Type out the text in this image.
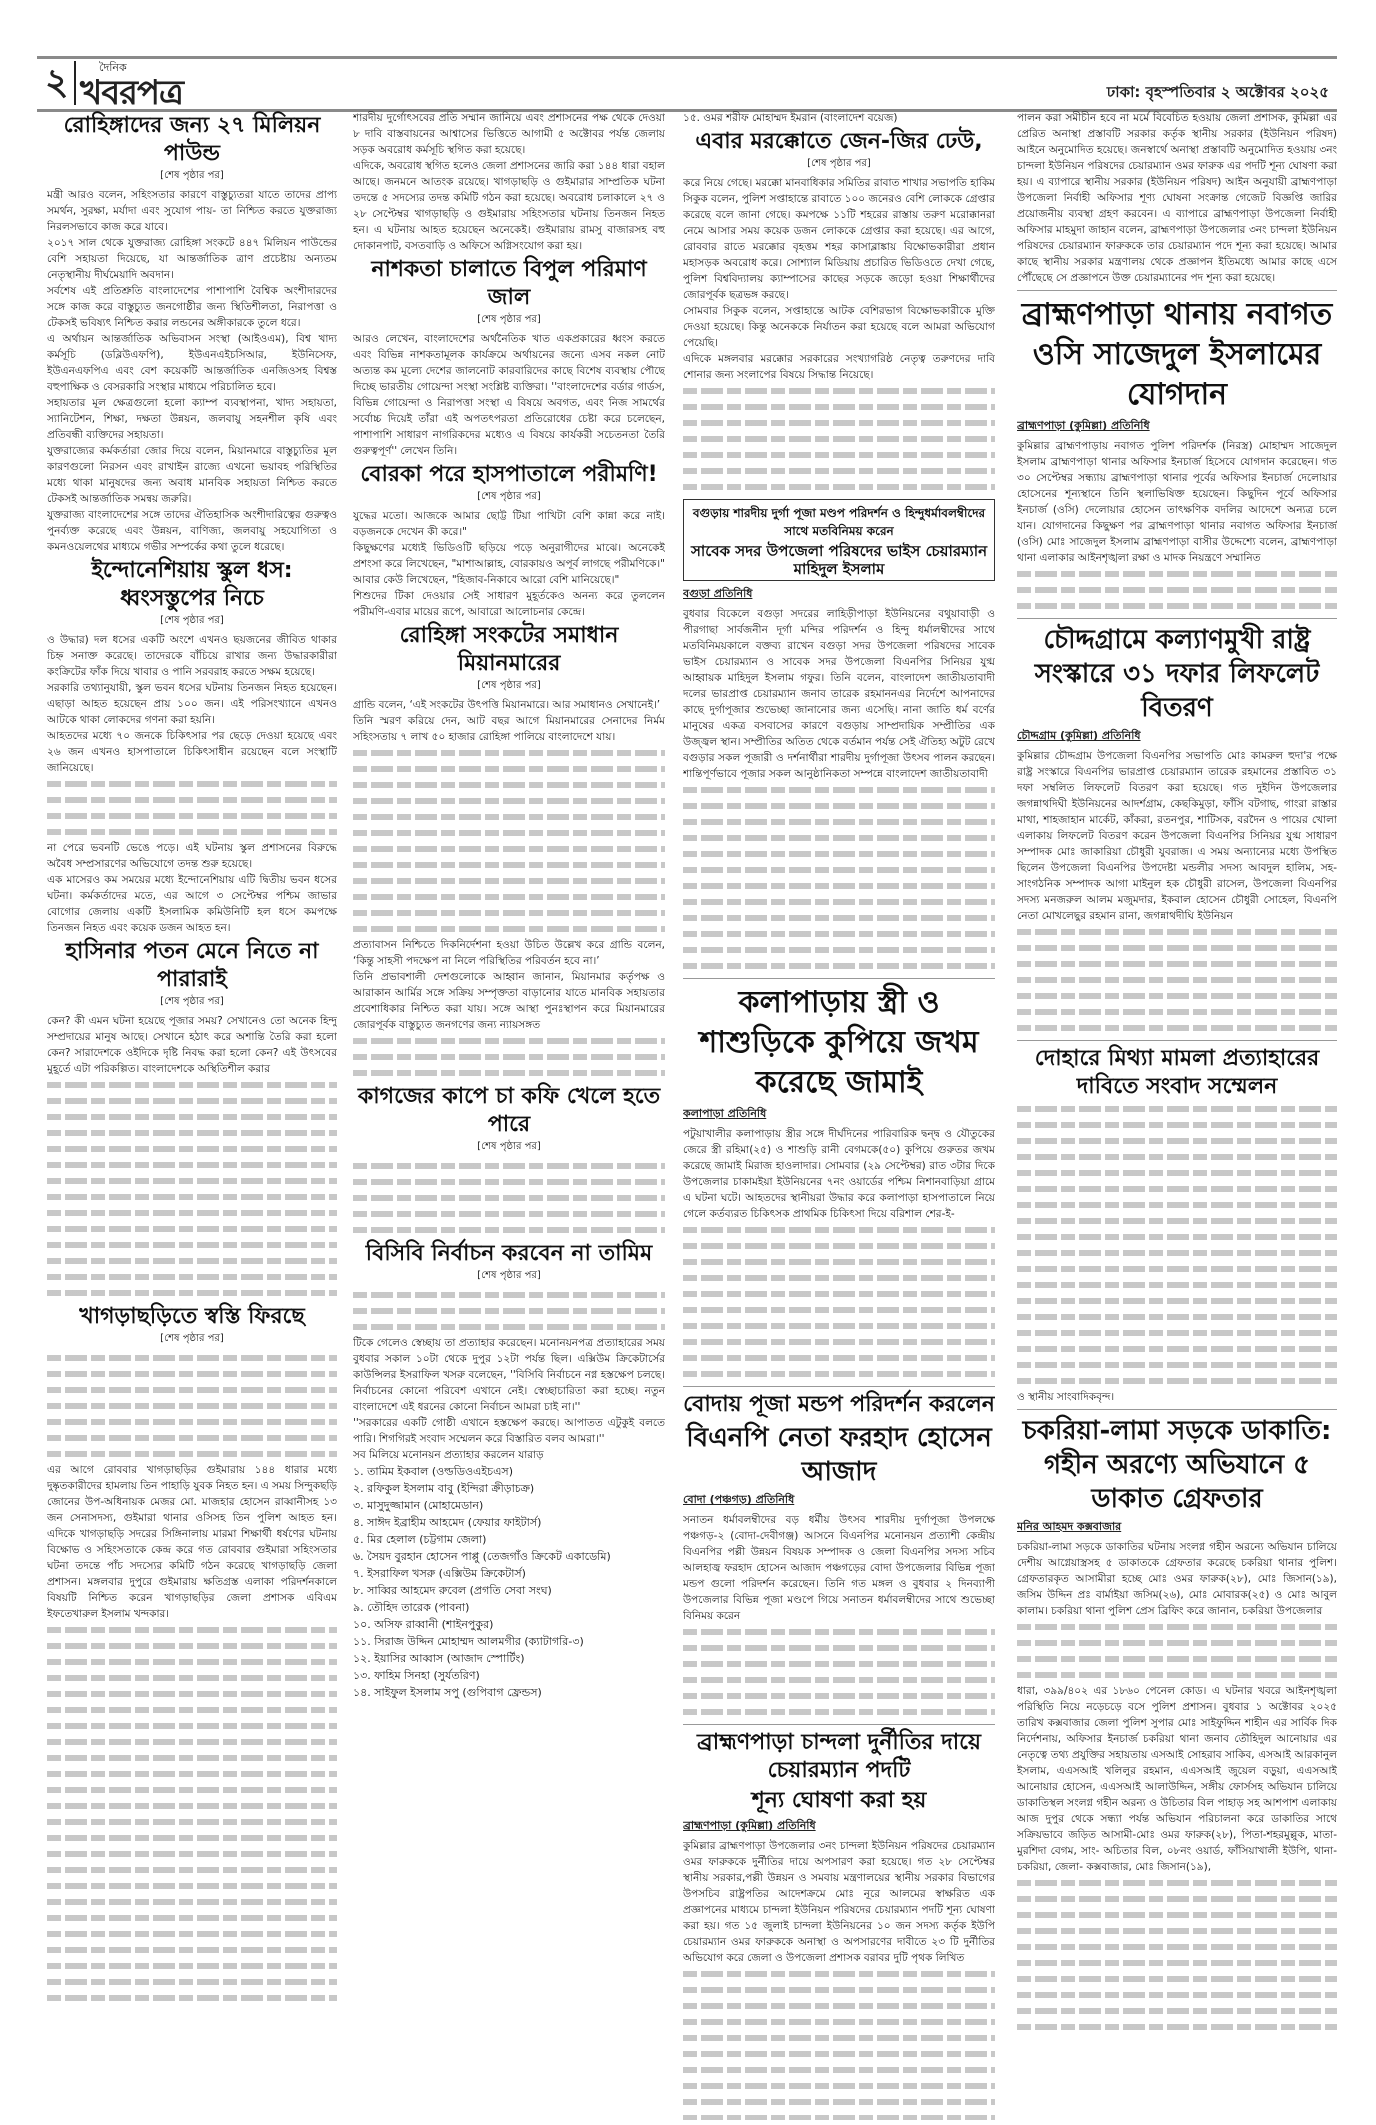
২	দৈনিক
খবরপত্র	ঢাকা: বৃহস্পতিবার ২ অক্টোবর ২০২৫
রোহিঙ্গাদের জন্য ২৭ মিলিয়ন পাউন্ড
[শেষ পৃষ্ঠার পর]

মন্ত্রী আরও বলেন, সহিংসতার কারণে বাস্তুচ্যুতরা যাতে তাদের প্রাপ্য সমর্থন, সুরক্ষা, মর্যাদা এবং সুযোগ পায়- তা নিশ্চিত করতে যুক্তরাজ্য নিরলসভাবে কাজ করে যাবে।

২০১৭ সাল থেকে যুক্তরাজ্য রোহিঙ্গা সংকটে ৪৪৭ মিলিয়ন পাউন্ডের বেশি সহায়তা দিয়েছে, যা আন্তর্জাতিক ত্রাণ প্রচেষ্টায় অন্যতম নেতৃস্থানীয় দীর্ঘমেয়াদি অবদান।

সর্বশেষ এই প্রতিশ্রুতি বাংলাদেশের পাশাপাশি বৈশ্বিক অংশীদারদের সঙ্গে কাজ করে বাস্তুচ্যুত জনগোষ্ঠীর জন্য স্থিতিশীলতা, নিরাপত্তা ও টেকসই ভবিষ্যৎ নিশ্চিত করার লন্ডনের অঙ্গীকারকে তুলে ধরে।

এ অর্থায়ন আন্তর্জাতিক অভিবাসন সংস্থা (আইওএম), বিশ্ব খাদ্য কর্মসূচি (ডব্লিউএফপি), ইউএনএইচসিআর, ইউনিসেফ, ইউএনএফপিএ এবং বেশ কয়েকটি আন্তর্জাতিক এনজিওসহ বিশ্বস্ত বহুপাক্ষিক ও বেসরকারি সংস্থার মাধ্যমে পরিচালিত হবে।

সহায়তার মূল ক্ষেত্রগুলো হলো ক্যাম্প ব্যবস্থাপনা, খাদ্য সহায়তা, স্যানিটেশন, শিক্ষা, দক্ষতা উন্নয়ন, জলবায়ু সহনশীল কৃষি এবং প্রতিবন্ধী ব্যক্তিদের সহায়তা।

যুক্তরাজ্যের কর্মকর্তারা জোর দিয়ে বলেন, মিয়ানমারে বাস্তুচ্যুতির মূল কারণগুলো নিরসন এবং রাখাইন রাজ্যে এখনো ভয়াবহ পরিস্থিতির মধ্যে থাকা মানুষদের জন্য অবাধ মানবিক সহায়তা নিশ্চিত করতে টেকসই আন্তর্জাতিক সমন্বয় জরুরি।

যুক্তরাজ্য বাংলাদেশের সঙ্গে তাদের ঐতিহাসিক অংশীদারিত্বের গুরুত্বও পুনর্ব্যক্ত করেছে এবং উন্নয়ন, বাণিজ্য, জলবায়ু সহযোগিতা ও কমনওয়েলথের মাধ্যমে গভীর সম্পর্কের কথা তুলে ধরেছে।

ইন্দোনেশিয়ায় স্কুল ধস: ধ্বংসস্তুপের নিচে
[শেষ পৃষ্ঠার পর]

ও উদ্ধার) দল ধসের একটি অংশে এখনও ছয়জনের জীবিত থাকার চিহ্ন সনাক্ত করেছে। তাদেরকে বাঁচিয়ে রাখার জন্য উদ্ধারকারীরা কংক্রিটের ফাঁক দিয়ে খাবার ও পানি সরবরাহ করতে সক্ষম হয়েছে।

সরকারি তথ্যানুযায়ী, স্কুল ভবন ধসের ঘটনায় তিনজন নিহত হয়েছেন। এছাড়া আহত হয়েছেন প্রায় ১০০ জন। এই পরিসংখ্যানে এখনও আটকে থাকা লোকদের গণনা করা হয়নি।

আহতদের মধ্যে ৭০ জনকে চিকিৎসার পর ছেড়ে দেওয়া হয়েছে এবং ২৬ জন এখনও হাসপাতালে চিকিৎসাধীন রয়েছেন বলে সংস্থাটি জানিয়েছে।

না পেরে ভবনটি ভেঙে পড়ে। এই ঘটনায় স্কুল প্রশাসনের বিরুদ্ধে অবৈধ সম্প্রসারণের অভিযোগে তদন্ত শুরু হয়েছে।

এক মাসেরও কম সময়ের মধ্যে ইন্দোনেশিয়ায় এটি দ্বিতীয় ভবন ধসের ঘটনা। কর্মকর্তাদের মতে, এর আগে ৩ সেপ্টেম্বর পশ্চিম জাভার বোগোর জেলায় একটি ইসলামিক কমিউনিটি হল ধসে কমপক্ষে তিনজন নিহত এবং কয়েক ডজন আহত হন।

হাসিনার পতন মেনে নিতে না পারারাই
[শেষ পৃষ্ঠার পর]

কেন? কী এমন ঘটনা হয়েছে পূজার সময়? সেখানেও তো অনেক হিন্দু সম্প্রদায়ের মানুষ আছে। সেখানে হঠাৎ করে অশান্তি তৈরি করা হলো কেন? সারাদেশকে ওইদিকে দৃষ্টি নিবদ্ধ করা হলো কেন? এই উৎসবের মুহূর্তে এটা পরিকল্পিত। বাংলাদেশকে অস্থিতিশীল করার

খাগড়াছড়িতে স্বস্তি ফিরছে
[শেষ পৃষ্ঠার পর]

এর আগে রোববার খাগড়াছড়ির গুইমারায় ১৪৪ ধারার মধ্যে দুষ্কৃতকারীদের হামলায় তিন পাহাড়ি যুবক নিহত হন। এ সময় সিন্দুকছড়ি জোনের উপ-অধিনায়ক মেজর মো. মাজহার হোসেন রাব্বানীসহ ১৩ জন সেনাসদস্য, গুইমারা থানার ওসিসহ তিন পুলিশ আহত হন। এদিকে খাগড়াছড়ি সদরের সিঙ্গিনালায় মারমা শিক্ষার্থী ধর্ষণের ঘটনায় বিক্ষোভ ও সহিংসতাকে কেন্দ্র করে গত রোববার গুইমারা সহিংসতার ঘটনা তদন্তে পাঁচ সদস্যের কমিটি গঠন করেছে খাগড়াছড়ি জেলা প্রশাসন। মঙ্গলবার দুপুরে গুইমারায় ক্ষতিগ্রস্ত এলাকা পরিদর্শনকালে বিষয়টি নিশ্চিত করেন খাগড়াছড়ির জেলা প্রশাসক এবিএম ইফতেখারুল ইসলাম খন্দকার।

শারদীয় দুর্গোৎসবের প্রতি সম্মান জানিয়ে এবং প্রশাসনের পক্ষ থেকে দেওয়া ৮ দাবি বাস্তবায়নের আশ্বাসের ভিত্তিতে আগামী ৫ অক্টোবর পর্যন্ত জেলায় সড়ক অবরোধ কর্মসূচি স্থগিত করা হয়েছে।

এদিকে, অবরোধ স্থগিত হলেও জেলা প্রশাসনের জারি করা ১৪৪ ধারা বহাল আছে। জনমনে আতংক রয়েছে। খাগড়াছড়ি ও গুইমারার সাম্প্রতিক ঘটনা তদন্তে ৫ সদস্যের তদন্ত কমিটি গঠন করা হয়েছে। অবরোধ চলাকালে ২৭ ও ২৮ সেপ্টেম্বর খাগড়াছড়ি ও গুইমারায় সহিংসতার ঘটনায় তিনজন নিহত হন। এ ঘটনায় আহত হয়েছেন অনেকেই। গুইমারায় রামসু বাজারসহ বহু দোকানপাট, বসতবাড়ি ও অফিসে অগ্নিসংযোগ করা হয়।

নাশকতা চালাতে বিপুল পরিমাণ জাল
[শেষ পৃষ্ঠার পর]

আরও লেখেন, বাংলাদেশের অর্থনৈতিক খাত একপ্রকারের ধ্বংস করতে এবং বিভিন্ন নাশকতামূলক কার্যক্রমে অর্থায়নের জন্যে এসব নকল নোট অত্যন্ত কম মূল্যে দেশের জালনোট কারবারিদের কাছে বিশেষ ব্যবস্থায় পৌছে দিচ্ছে ভারতীয় গোয়েন্দা সংস্থা সংশ্লিষ্ট ব্যক্তিরা। ''বাংলাদেশের বর্ডার গার্ডস, বিভিন্ন গোয়েন্দা ও নিরাপত্তা সংস্থা এ বিষয়ে অবগত, এবং নিজ সামর্থের সর্বোচ্চ দিয়েই তাঁরা এই অপতৎপরতা প্রতিরোধের চেষ্টা করে চলেছেন, পাশাপাশি সাধারণ নাগরিকদের মধ্যেও এ বিষয়ে কার্যকরী সচেতনতা তৈরি গুরুত্বপূর্ণ'' লেখেন তিনি।

বোরকা পরে হাসপাতালে পরীমণি!
[শেষ পৃষ্ঠার পর]

যুদ্ধের মতো। আজকে আমার ছোট্ট টিয়া পাখিটা বেশি কান্না করে নাই। বড়জনকে দেখেন কী করে।"

কিছুক্ষণের মধ্যেই ভিডিওটি ছড়িয়ে পড়ে অনুরাগীদের মাঝে। অনেকেই প্রশংসা করে লিখেছেন, "মাশাআল্লাহ, বোরকায়ও অপূর্ব লাগছে পরীমণিকে।" আবার কেউ লিখেছেন, "হিজাব-নিকাবে আরো বেশি মানিয়েছে।"

শিশুদের টিকা দেওয়ার সেই সাধারণ মুহূর্তকেও অনন্য করে তুললেন পরীমণি-এবার মায়ের রূপে, আবারো আলোচনার কেন্দ্রে।

রোহিঙ্গা সংকটের সমাধান মিয়ানমারের
[শেষ পৃষ্ঠার পর]

গ্রান্ডি বলেন, ‘এই সংকটের উৎপত্তি মিয়ানমারে। আর সমাধানও সেখানেই।’

তিনি স্মরণ করিয়ে দেন, আট বছর আগে মিয়ানমারের সেনাদের নির্মম সহিংসতায় ৭ লাখ ৫০ হাজার রোহিঙ্গা পালিয়ে বাংলাদেশে যায়।

প্রত্যাবাসন নিশ্চিতে দিকনির্দেশনা হওয়া উচিত উল্লেখ করে গ্রান্ডি বলেন, ‘কিন্তু সাহসী পদক্ষেপ না নিলে পরিস্থিতির পরিবর্তন হবে না।’

তিনি প্রভাবশালী দেশগুলোকে আহ্বান জানান, মিয়ানমার কর্তৃপক্ষ ও আরাকান আর্মির সঙ্গে সক্রিয় সম্পৃক্ততা বাড়ানোর যাতে মানবিক সহায়তার প্রবেশাধিকার নিশ্চিত করা যায়। সঙ্গে আস্থা পুনঃস্থাপন করে মিয়ানমারের জোরপূর্বক বাস্তুচ্যুত জনগণের জন্য ন্যায়সঙ্গত

কাগজের কাপে চা কফি খেলে হতে পারে
[শেষ পৃষ্ঠার পর]
বিসিবি নির্বাচন করবেন না তামিম
[শেষ পৃষ্ঠার পর]

টিকে গেলেও স্বেচ্ছায় তা প্রত্যাহার করেছেন। মনোনয়নপত্র প্রত্যাহারের সময় বুধবার সকাল ১০টা থেকে দুপুর ১২টা পর্যন্ত ছিল। এক্সিউম ক্রিকেটার্সের কাউন্সিলর ইসরাফিল খসরু বলেছেন, ''বিসিবি নির্বাচনে নগ্ন হস্তক্ষেপ চলছে। নির্বাচনের কোনো পরিবেশ এখানে নেই। স্বেচ্ছাচারিতা করা হচ্ছে। নতুন বাংলাদেশে এই ধরনের কোনো নির্বাচন আমরা চাই না।''

''সরকারের একটি গোষ্ঠী এখানে হস্তক্ষেপ করছে। আপাতত এটুকুই বলতে পারি। শিগগিরই সংবাদ সম্মেলন করে বিস্তারিত বলব আমরা।''

সব মিলিয়ে মনোনয়ন প্রত্যাহার করলেন যারাড়

১. তামিম ইকবাল (ওল্ডডিওএইচএস)
২. রফিকুল ইসলাম বাবু (ইন্দিরা ক্রীড়াচক্র)
৩. মাসুদুজ্জামান (মোহামেডান)
৪. সাঈদ ইব্রাহীম আহমেদ (ফেয়ার ফাইটার্স)
৫. মির হেলাল (চট্টগাম জেলা)
৬. সৈয়দ বুরহান হোসেন পাপ্পু (তেজগাঁও ক্রিকেট একাডেমি)
৭. ইসরাফিল খসরু (এক্সিউম ক্রিকেটার্স)
৮. সাব্বির আহমেদ রুবেল (প্রগতি সেবা সংঘ)
৯. তৌহিদ তারেক (পাবনা)
১০. অসিফ রাব্বানী (শাইনপুকুর)
১১. সিরাজ উদ্দিন মোহাম্মদ আলমগীর (ক্যাটাগরি-৩)
১২. ইয়াসির আব্বাস (আজাদ স্পোর্টিং)
১৩. ফাহিম সিনহা (সুর্যতরিণ)
১৪. সাইফুল ইসলাম সপু (গুপিবাগ ফ্রেন্ডস)

১৫. ওমর শরীফ মোহাম্মদ ইমরান (বাংলাদেশ বয়েজ)

এবার মরক্কোতে জেন-জির ঢেউ,
[শেষ পৃষ্ঠার পর]

করে নিয়ে গেছে। মরক্কো মানবাধিকার সমিতির রাবাত শাখার সভাপতি হাকিম সিকুক বলেন, পুলিশ সপ্তাহান্তে রাবাতে ১০০ জনেরও বেশি লোককে গ্রেপ্তার করেছে বলে জানা গেছে। কমপক্ষে ১১টি শহরের রাস্তায় তরুণ মরোক্কানরা নেমে আসার সময় কয়েক ডজন লোককে গ্রেপ্তার করা হয়েছে। এর আগে, রোববার রাতে মরক্কোর বৃহত্তম শহর কাসাব্লাঙ্কায় বিক্ষোভকারীরা প্রধান মহাসড়ক অবরোধ করে। সোশ্যাল মিডিয়ায় প্রচারিত ভিডিওতে দেখা গেছে, পুলিশ বিশ্ববিদ্যালয় ক্যাম্পাসের কাছের সড়কে জড়ো হওয়া শিক্ষার্থীদের জোরপূর্বক ছত্রভঙ্গ করছে।

সোমবার সিকুক বলেন, সপ্তাহান্তে আটক বেশিরভাগ বিক্ষোভকারীকে মুক্তি দেওয়া হয়েছে। কিন্তু অনেককে নির্যাতন করা হয়েছে বলে আমরা অভিযোগ পেয়েছি।

এদিকে মঙ্গলবার মরক্কোর সরকারের সংখ্যাগরিষ্ঠ নেতৃত্ব তরুণদের দাবি শোনার জন্য সংলাপের বিষয়ে সিদ্ধান্ত নিয়েছে।

বগুড়ায় শারদীয় দুর্গা পূজা মণ্ডপ পরিদর্শন ও হিন্দুধর্মাবলম্বীদের সাথে মতবিনিময় করেন
সাবেক সদর উপজেলা পরিষদের ভাইস চেয়ারম্যান মাহিদুল ইসলাম
বগুড়া প্রতিনিধি

বুধবার বিকেলে বগুড়া সদরের লাহিড়ীপাড়া ইউনিয়নের বথুয়াবাড়ী ও পীরগাছা সার্বজনীন দূর্গা মন্দির পরিদর্শন ও হিন্দু ধর্মালম্বীদের সাথে মতবিনিময়কালে বক্তব্য রাখেন বগুড়া সদর উপজেলা পরিষদের সাবেক ভাইস চেয়ারম্যান ও সাবেক সদর উপজেলা বিএনপির সিনিয়র যুগ্ম আহ্বায়ক মাহিদুল ইসলাম গফুর। তিনি বলেন, বাংলাদেশ জাতীয়তাবাদী দলের ভারপ্রাপ্ত চেয়ারম্যান জনাব তারেক রহমাননএর নির্দেশে আপনাদের কাছে দুর্গাপূজার শুভেচ্ছা জানানোর জন্য এসেছি। নানা জাতি ধর্ম বর্ণের মানুষের একত্র বসবাসের কারণে বগুড়ায় সাম্প্রদায়িক সম্প্রীতির এক উজ্জ্বল স্থান। সম্প্রীতির অতিত থেকে বর্তমান পর্যন্ত সেই ঐতিহ্য অটুট রেখে বগুড়ার সকল পূজারী ও দর্শনার্থীরা শারদীয় দুর্গাপূজা উৎসব পালন করছেন। শান্তিপূর্ণভাবে পূজার সকল আনুষ্ঠানিকতা সম্পন্নে বাংলাদেশ জাতীয়তাবাদী

কলাপাড়ায় স্ত্রী ও শাশুড়িকে কুপিয়ে জখম করেছে জামাই
কলাপাড়া প্রতিনিধি

পটুয়াখালীর কলাপাড়ায় স্ত্রীর সঙ্গে দীর্ঘদিনের পারিবারিক দ্বন্দ্ব ও যৌতুকের জেরে স্ত্রী রহিমা(২৫) ও শাশুড়ি রানী বেগমকে(৫০) কুপিয়ে গুরুতর জখম করেছে জামাই মিরাজ হাওলাদার। সোমবার (২৯ সেপ্টেম্বর) রাত ৩টার দিকে উপজেলার চাকামইয়া ইউনিয়নের ৭নং ওয়ার্ডের পশ্চিম নিশানবাড়িয়া গ্রামে এ ঘটনা ঘটে। আহতদের স্থানীয়রা উদ্ধার করে কলাপাড়া হাসপাতালে নিয়ে গেলে কর্তব্যরত চিকিৎসক প্রাথমিক চিকিৎসা দিয়ে বরিশাল শের-ই-

বোদায় পূজা মন্ডপ পরিদর্শন করলেন
বিএনপি নেতা ফরহাদ হোসেন আজাদ
বোদা (পঞ্চগড়) প্রতিনিধি

সনাতন ধর্মাবলম্বীদের বড় ধর্মীয় উৎসব শারদীয় দুর্গাপূজা উপলক্ষে পঞ্চগড়-২ (বোদা-দেবীগঞ্জ) আসনে বিএনপির মনোনয়ন প্রত্যাশী কেন্দ্রীয় বিএনপির পল্লী উন্নয়ন বিষয়ক সম্পাদক ও জেলা বিএনপির সদস্য সচিব আলহাজ্ব ফরহাদ হোসেন আজাদ পঞ্চগড়ের বোদা উপজেলার বিভিন্ন পূজা মন্ডপ গুলো পরিদর্শন করেছেন। তিনি গত মঙ্গল ও বুধবার ২ দিনব্যাপী উপজেলার বিভিন্ন পূজা মণ্ডপে গিয়ে সনাতন ধর্মাবলম্বীদের সাথে শুভেচ্ছা বিনিময় করেন

ব্রাহ্মণপাড়া চান্দলা দুর্নীতির দায়ে চেয়ারম্যান পদটি
শূন্য ঘোষণা করা হয়
ব্রাহ্মণপাড়া (কুমিল্লা) প্রতিনিধি

কুমিল্লার ব্রাহ্মণপাড়া উপজেলার ৩নং চান্দলা ইউনিয়ন পরিষদের চেয়ারম্যান ওমর ফারুককে দুর্নীতির দায়ে অপসারণ করা হয়েছে। গত ২৮ সেপ্টেম্বর স্থানীয় সরকার,পল্লী উন্নয়ন ও সমবায় মন্ত্রণালয়ের স্থানীয় সরকার বিভাগের উপসচিব রাষ্ট্রপতির আদেশক্রমে মোঃ নূরে আলমের স্বাক্ষরিত এক প্রজ্ঞাপনের মাধ্যমে চান্দলা ইউনিয়ন পরিষদের চেয়ারম্যান পদটি শূন্য ঘোষণা করা হয়। গত ১৫ জুলাই চান্দলা ইউনিয়নের ১০ জন সদস্য কর্তৃক ইউপি চেয়ারম্যান ওমর ফারুককে অনাস্থা ও অপসারণের দাবীতে ২৩ টি দুর্নীতির অভিযোগ করে জেলা ও উপজেলা প্রশাসক বরাবর দুটি পৃথক লিখিত

পালন করা সমীচীন হবে না মর্মে বিবেচিত হওয়ায় জেলা প্রশাসক, কুমিল্লা এর প্রেরিত অনাস্থা প্রস্তাবটি সরকার কর্তৃক স্থানীয় সরকার (ইউনিয়ন পরিষদ) আইনে অনুমোদিত হয়েছে। জনস্বার্থে অনাস্থা প্রস্তাবটি অনুমোদিত হওয়ায় ৩নং চান্দলা ইউনিয়ন পরিষদের চেয়ারম্যান ওমর ফারুক এর পদটি শূন্য ঘোষণা করা হয়। এ ব্যাপারে স্থানীয় সরকার (ইউনিয়ন পরিষদ) আইন অনুযায়ী ব্রাহ্মণপাড়া উপজেলা নির্বাহী অফিসার শূণ্য ঘোষনা সংক্রান্ত গেজেট বিজ্ঞপ্তি জারির প্রয়োজনীয় ব্যবস্থা গ্রহণ করবেন। এ ব্যাপারে ব্রাহ্মণপাড়া উপজেলা নির্বাহী অফিসার মাহমুদা জাহান বলেন, ব্রাহ্মণপাড়া উপজেলার ৩নং চান্দলা ইউনিয়ন পরিষদের চেয়ারম্যান ফারুককে তার চেয়ারম্যান পদে শূন্য করা হয়েছে। আমার কাছে স্থানীয় সরকার মন্ত্রণালয় থেকে প্রজ্ঞাপন ইতিমধ্যে আমার কাছে এসে পৌঁছেছে সে প্রজ্ঞাপনে উক্ত চেয়ারম্যানের পদ শূন্য করা হয়েছে।

ব্রাহ্মণপাড়া থানায় নবাগত ওসি সাজেদুল ইসলামের যোগদান
ব্রাহ্মণপাড়া (কুমিল্লা) প্রতিনিধি

কুমিল্লার ব্রাহ্মণপাড়ায় নবাগত পুলিশ পরিদর্শক (নিরস্ত্র) মোহাম্মদ সাজেদুল ইসলাম ব্রাহ্মণপাড়া থানার অফিসার ইনচার্জ হিসেবে যোগদান করেছেন। গত ৩০ সেপ্টেম্বর সন্ধ্যায় ব্রাহ্মণপাড়া থানার পূর্বের অফিসার ইনচার্জ দেলোয়ার হোসেনের শূন্যস্থানে তিনি স্থলাভিষিক্ত হয়েছেন। কিছুদিন পূর্বে অফিসার ইনচার্জ (ওসি) দেলোয়ার হোসেন তাৎক্ষণিক বদলির আদেশে অন্যত্র চলে যান। যোগদানের কিছুক্ষণ পর ব্রাহ্মণপাড়া থানার নবাগত অফিসার ইনচার্জ (ওসি) মোঃ সাজেদুল ইসলাম ব্রাহ্মণপাড়া বাসীর উদ্দেশ্যে বলেন, ব্রাহ্মণপাড়া থানা এলাকার আইনশৃঙ্খলা রক্ষা ও মাদক নিয়ন্ত্রণে সম্মানিত

চৌদ্দগ্রামে কল্যাণমুখী রাষ্ট্র সংস্কারে ৩১ দফার লিফলেট বিতরণ
চৌদ্দগ্রাম (কুমিল্লা) প্রতিনিধি

কুমিল্লার চৌদ্দগ্রাম উপজেলা বিএনপির সভাপতি মোঃ কামরুল হুদা'র পক্ষে রাষ্ট্র সংস্কারে বিএনপির ভারপ্রাপ্ত চেয়ারম্যান তারেক রহমানের প্রস্তাবিত ৩১ দফা সম্বলিত লিফলেট বিতরণ করা হয়েছে। গত দুইদিন উপজেলার জগন্নাথদিঘী ইউনিয়নের আদর্শগ্রাম, কেছকিমুড়া, ফাঁসি বটগাছ, গাংরা রাস্তার মাথা, শাহজাহান মার্কেট, কাঁকরা, রতনপুর, শাটিসক, বরদৈন ও পায়ের খোলা এলাকায় লিফলেট বিতরণ করেন উপজেলা বিএনপির সিনিয়র যুগ্ম সাধারণ সম্পাদক মোঃ জাকারিয়া চৌধুরী যুবরাজ। এ সময় অন্যান্যের মধ্যে উপস্থিত ছিলেন উপজেলা বিএনপির উপদেষ্টা মন্ডলীর সদস্য আবদুল হালিম, সহ-সাংগঠনিক সম্পাদক আগা মাইনুল হক চৌধুরী রাসেল, উপজেলা বিএনপির সদস্য মনজরুল আলম মজুমদার, ইকবাল হোসেন চৌধুরী সোহেল, বিএনপি নেতা মোখলেছুর রহমান রানা, জগন্নাথদীঘি ইউনিয়ন

দোহারে মিথ্যা মামলা প্রত্যাহারের দাবিতে সংবাদ সম্মেলন

ও স্থানীয় সাংবাদিকবৃন্দ।

চকরিয়া-লামা সড়কে ডাকাতি: গহীন অরণ্যে অভিযানে ৫ ডাকাত গ্রেফতার
মনির আহমদ কক্সবাজার

চকরিয়া-লামা সড়কে ডাকাতির ঘটনায় সংলগ্ন গহীন অরন্যে অভিযান চালিয়ে দেশীয় আগ্নেয়াস্ত্রসহ ৫ ডাকাতকে গ্রেফতার করেছে চকরিয়া থানার পুলিশ। গ্রেফতারকৃত আসামীরা হচ্ছে মোঃ ওমর ফারুক(২৮), মোঃ জিসান(১৯), জসিম উদ্দিন প্রঃ বার্মাইয়া জসিম(২৬), মোঃ মোবারক(২৫) ও মোঃ আবুল কালাম। চকরিয়া থানা পুলিশ প্রেস ব্রিফিং করে জানান, চকরিয়া উপজেলার

ধারা, ৩৯৯/৪০২ এর ১৮৬০ পেনেল কোড। এ ঘটনার খবরে আইনশৃঙ্খলা পরিস্থিতি নিয়ে নড়েচড়ে বসে পুলিশ প্রশাসন। বুধবার ১ অক্টোবর ২০২৫ তারিখ কক্সবাজার জেলা পুলিশ সুপার মোঃ সাইফুদ্দিন শাহীন এর সার্বিক দিক নির্দেশনায়, অফিসার ইনচার্জ চকরিয়া থানা জনাব তৌহিদুল আনোয়ার এর নেতৃত্বে তথ্য প্রযুক্তির সহায়তায় এসআই সোহরাব সাকিব, এসআই আরকানুল ইসলাম, এএসআই খলিলুর রহমান, এএসআই জুয়েল বড়ুয়া, এএসআই আনোয়ার হোসেন, এএসআই আলাউদ্দিন, সঙ্গীয় ফোর্সসহ অভিযান চালিয়ে ডাকাতিস্থল সংলগ্ন গহীন অরন্য ও উচিতার বিল পাহাড় সহ আশপাশ এলাকায় আজ দুপুর থেকে সন্ধ্যা পর্যন্ত অভিযান পরিচালনা করে ডাকাতির সাথে সক্রিয়ভাবে জড়িত আসামী-মোঃ ওমর ফারুক(২৮), পিতা-শহরমুল্লুক, মাতা-মুরশিদা বেগম, সাং- অচিতার বিল, ০৮নং ওয়ার্ড, ফাঁসিয়াখালী ইউপি, থানা-চকরিয়া, জেলা- কক্সবাজার, মোঃ জিসান(১৯),
